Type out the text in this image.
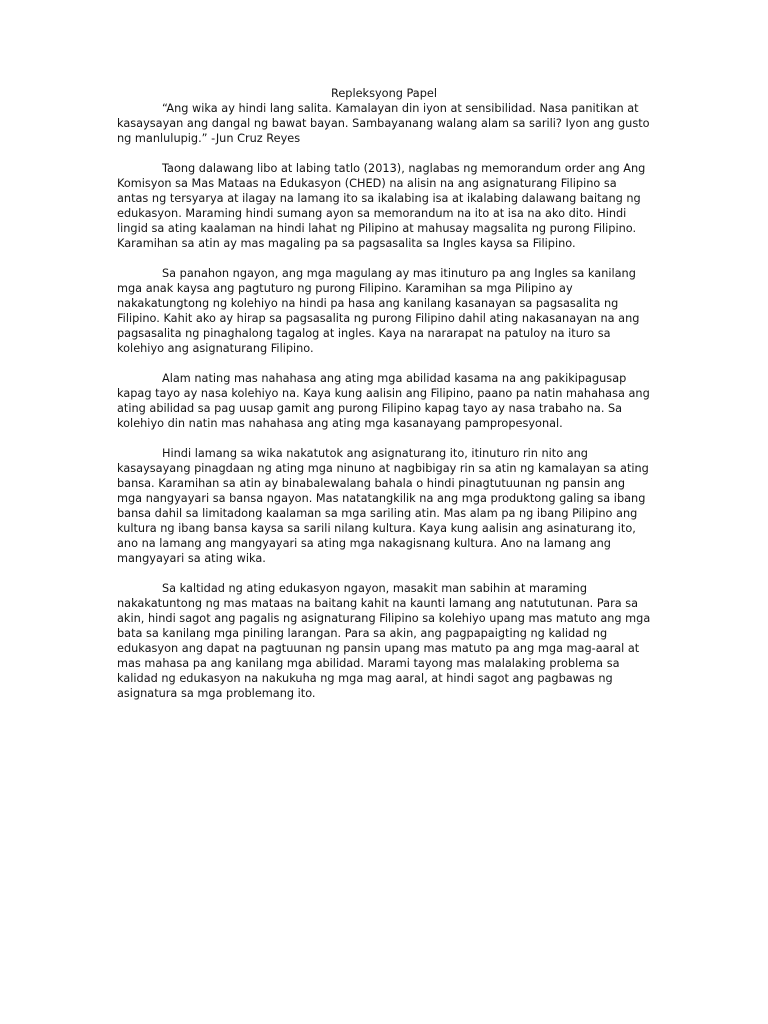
Repleksyong Papel

“Ang wika ay hindi lang salita. Kamalayan din iyon at sensibilidad. Nasa panitikan at kasaysayan ang dangal ng bawat bayan. Sambayanang walang alam sa sarili? Iyon ang gusto ng manlulupig.” -Jun Cruz Reyes

Taong dalawang libo at labing tatlo (2013), naglabas ng memorandum order ang Ang Komisyon sa Mas Mataas na Edukasyon (CHED) na alisin na ang asignaturang Filipino sa antas ng tersyarya at ilagay na lamang ito sa ikalabing isa at ikalabing dalawang baitang ng edukasyon. Maraming hindi sumang ayon sa memorandum na ito at isa na ako dito. Hindi lingid sa ating kaalaman na hindi lahat ng Pilipino at mahusay magsalita ng purong Filipino. Karamihan sa atin ay mas magaling pa sa pagsasalita sa Ingles kaysa sa Filipino.

Sa panahon ngayon, ang mga magulang ay mas itinuturo pa ang Ingles sa kanilang mga anak kaysa ang pagtuturo ng purong Filipino. Karamihan sa mga Pilipino ay nakakatungtong ng kolehiyo na hindi pa hasa ang kanilang kasanayan sa pagsasalita ng Filipino. Kahit ako ay hirap sa pagsasalita ng purong Filipino dahil ating nakasanayan na ang pagsasalita ng pinaghalong tagalog at ingles. Kaya na nararapat na patuloy na ituro sa kolehiyo ang asignaturang Filipino.

Alam nating mas nahahasa ang ating mga abilidad kasama na ang pakikipagusap kapag tayo ay nasa kolehiyo na. Kaya kung aalisin ang Filipino, paano pa natin mahahasa ang ating abilidad sa pag uusap gamit ang purong Filipino kapag tayo ay nasa trabaho na. Sa kolehiyo din natin mas nahahasa ang ating mga kasanayang pampropesyonal.

Hindi lamang sa wika nakatutok ang asignaturang ito, itinuturo rin nito ang kasaysayang pinagdaan ng ating mga ninuno at nagbibigay rin sa atin ng kamalayan sa ating bansa. Karamihan sa atin ay binabalewalang bahala o hindi pinagtutuunan ng pansin ang mga nangyayari sa bansa ngayon. Mas natatangkilik na ang mga produktong galing sa ibang bansa dahil sa limitadong kaalaman sa mga sariling atin. Mas alam pa ng ibang Pilipino ang kultura ng ibang bansa kaysa sa sarili nilang kultura. Kaya kung aalisin ang asinaturang ito, ano na lamang ang mangyayari sa ating mga nakagisnang kultura. Ano na lamang ang mangyayari sa ating wika.

Sa kaltidad ng ating edukasyon ngayon, masakit man sabihin at maraming nakakatuntong ng mas mataas na baitang kahit na kaunti lamang ang natututunan. Para sa akin, hindi sagot ang pagalis ng asignaturang Filipino sa kolehiyo upang mas matuto ang mga bata sa kanilang mga piniling larangan. Para sa akin, ang pagpapaigting ng kalidad ng edukasyon ang dapat na pagtuunan ng pansin upang mas matuto pa ang mga mag-aaral at mas mahasa pa ang kanilang mga abilidad. Marami tayong mas malalaking problema sa kalidad ng edukasyon na nakukuha ng mga mag aaral, at hindi sagot ang pagbawas ng asignatura sa mga problemang ito.
